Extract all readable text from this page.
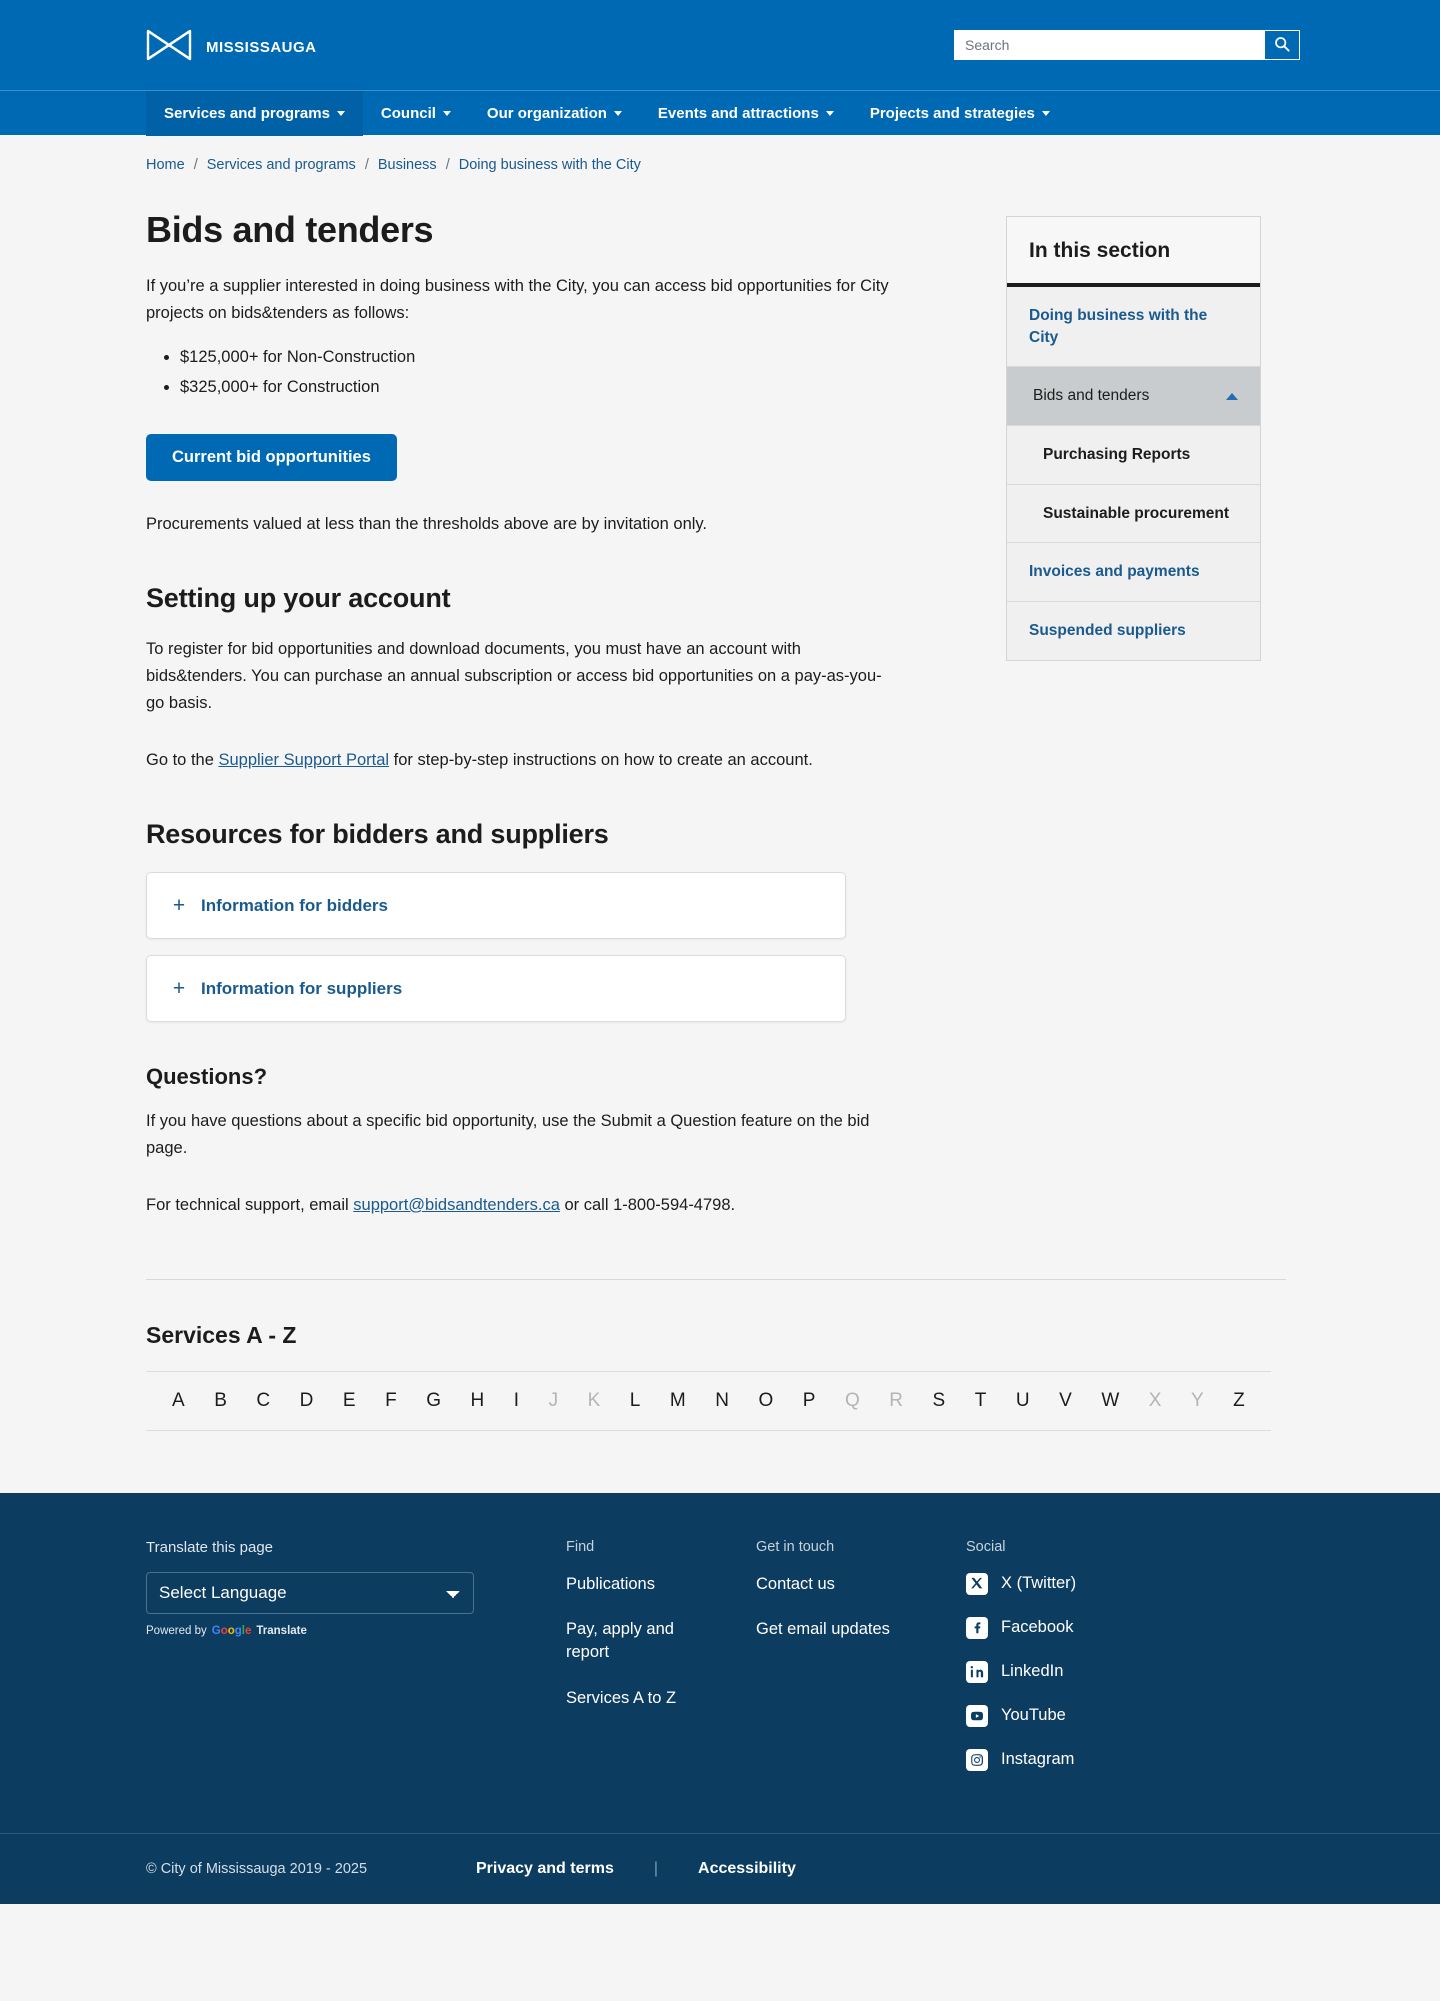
mississauga
Search
Services and programs	Council	Our organization	Events and attractions	Projects and strategies
Home / Services and programs / Business / Doing business with the City
Bids and tenders

If you’re a supplier interested in doing business with the City, you can access bid opportunities for City projects on bids&tenders as follows:

• $125,000+ for Non-Construction
• $325,000+ for Construction
Current bid opportunities

Procurements valued at less than the thresholds above are by invitation only.

Setting up your account

To register for bid opportunities and download documents, you must have an account with bids&tenders. You can purchase an annual subscription or access bid opportunities on a pay-as-you-go basis.

Go to the Supplier Support Portal for step-by-step instructions on how to create an account.

Resources for bidders and suppliers
+ Information for bidders
+ Information for suppliers
Questions?

If you have questions about a specific bid opportunity, use the Submit a Question feature on the bid page.

For technical support, email support@bidsandtenders.ca or call 1-800-594-4798.

In this section
Doing business with the City
Bids and tenders
Purchasing Reports
Sustainable procurement
Invoices and payments
Suspended suppliers
Services A - Z
A B C D E F G H I J K L M N O P Q R S T U V W X Y Z
Translate this page
Select Language
Powered by Google Translate
Find
Publications
Pay, apply and report
Services A to Z
Get in touch
Contact us
Get email updates
Social
X (Twitter)
Facebook
LinkedIn
YouTube
Instagram
© City of Mississauga 2019 - 2025	Privacy and terms	|	Accessibility
